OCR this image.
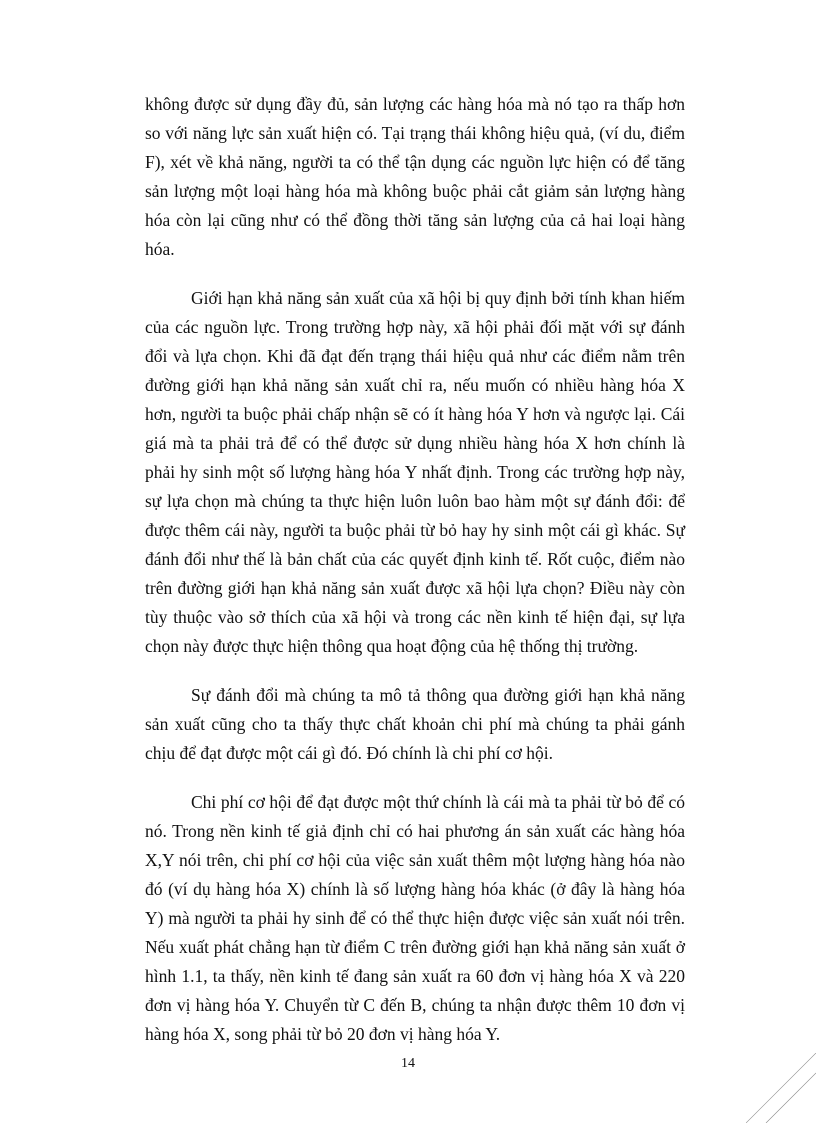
không được sử dụng đầy đủ, sản lượng các hàng hóa mà nó tạo ra thấp hơn so với năng lực sản xuất hiện có. Tại trạng thái không hiệu quả, (ví du, điểm F), xét về khả năng, người ta có thể tận dụng các nguồn lực hiện có để tăng sản lượng một loại hàng hóa mà không buộc phải cắt giảm sản lượng hàng hóa còn lại cũng như có thể đồng thời tăng sản lượng của cả hai loại hàng hóa.

Giới hạn khả năng sản xuất của xã hội bị quy định bởi tính khan hiếm của các nguồn lực. Trong trường hợp này, xã hội phải đối mặt với sự đánh đổi và lựa chọn. Khi đã đạt đến trạng thái hiệu quả như các điểm nằm trên đường giới hạn khả năng sản xuất chỉ ra, nếu muốn có nhiều hàng hóa X hơn, người ta buộc phải chấp nhận sẽ có ít hàng hóa Y hơn và ngược lại. Cái giá mà ta phải trả để có thể được sử dụng nhiều hàng hóa X hơn chính là phải hy sinh một số lượng hàng hóa Y nhất định. Trong các trường hợp này, sự lựa chọn mà chúng ta thực hiện luôn luôn bao hàm một sự đánh đổi: để được thêm cái này, người ta buộc phải từ bỏ hay hy sinh một cái gì khác. Sự đánh đổi như thế là bản chất của các quyết định kinh tế. Rốt cuộc, điểm nào trên đường giới hạn khả năng sản xuất được xã hội lựa chọn? Điều này còn tùy thuộc vào sở thích của xã hội và trong các nền kinh tế hiện đại, sự lựa chọn này được thực hiện thông qua hoạt động của hệ thống thị trường.

Sự đánh đổi mà chúng ta mô tả thông qua đường giới hạn khả năng sản xuất cũng cho ta thấy thực chất khoản chi phí mà chúng ta phải gánh chịu để đạt được một cái gì đó. Đó chính là chi phí cơ hội.

Chi phí cơ hội để đạt được một thứ chính là cái mà ta phải từ bỏ để có nó. Trong nền kinh tế giả định chỉ có hai phương án sản xuất các hàng hóa X,Y nói trên, chi phí cơ hội của việc sản xuất thêm một lượng hàng hóa nào đó (ví dụ hàng hóa X) chính là số lượng hàng hóa khác (ở đây là hàng hóa Y) mà người ta phải hy sinh để có thể thực hiện được việc sản xuất nói trên. Nếu xuất phát chẳng hạn từ điểm C trên đường giới hạn khả năng sản xuất ở hình 1.1, ta thấy, nền kinh tế đang sản xuất ra 60 đơn vị hàng hóa X và 220 đơn vị hàng hóa Y. Chuyển từ C đến B, chúng ta nhận được thêm 10 đơn vị hàng hóa X, song phải từ bỏ 20 đơn vị hàng hóa Y.

14
